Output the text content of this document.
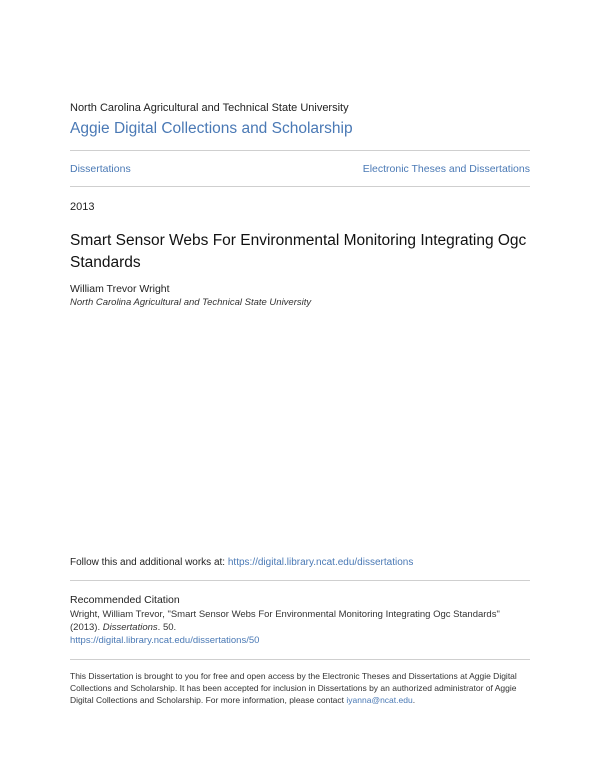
North Carolina Agricultural and Technical State University
Aggie Digital Collections and Scholarship
Dissertations	Electronic Theses and Dissertations
2013
Smart Sensor Webs For Environmental Monitoring Integrating Ogc Standards
William Trevor Wright
North Carolina Agricultural and Technical State University
Follow this and additional works at: https://digital.library.ncat.edu/dissertations
Recommended Citation
Wright, William Trevor, "Smart Sensor Webs For Environmental Monitoring Integrating Ogc Standards" (2013). Dissertations. 50.
https://digital.library.ncat.edu/dissertations/50
This Dissertation is brought to you for free and open access by the Electronic Theses and Dissertations at Aggie Digital Collections and Scholarship. It has been accepted for inclusion in Dissertations by an authorized administrator of Aggie Digital Collections and Scholarship. For more information, please contact iyanna@ncat.edu.
